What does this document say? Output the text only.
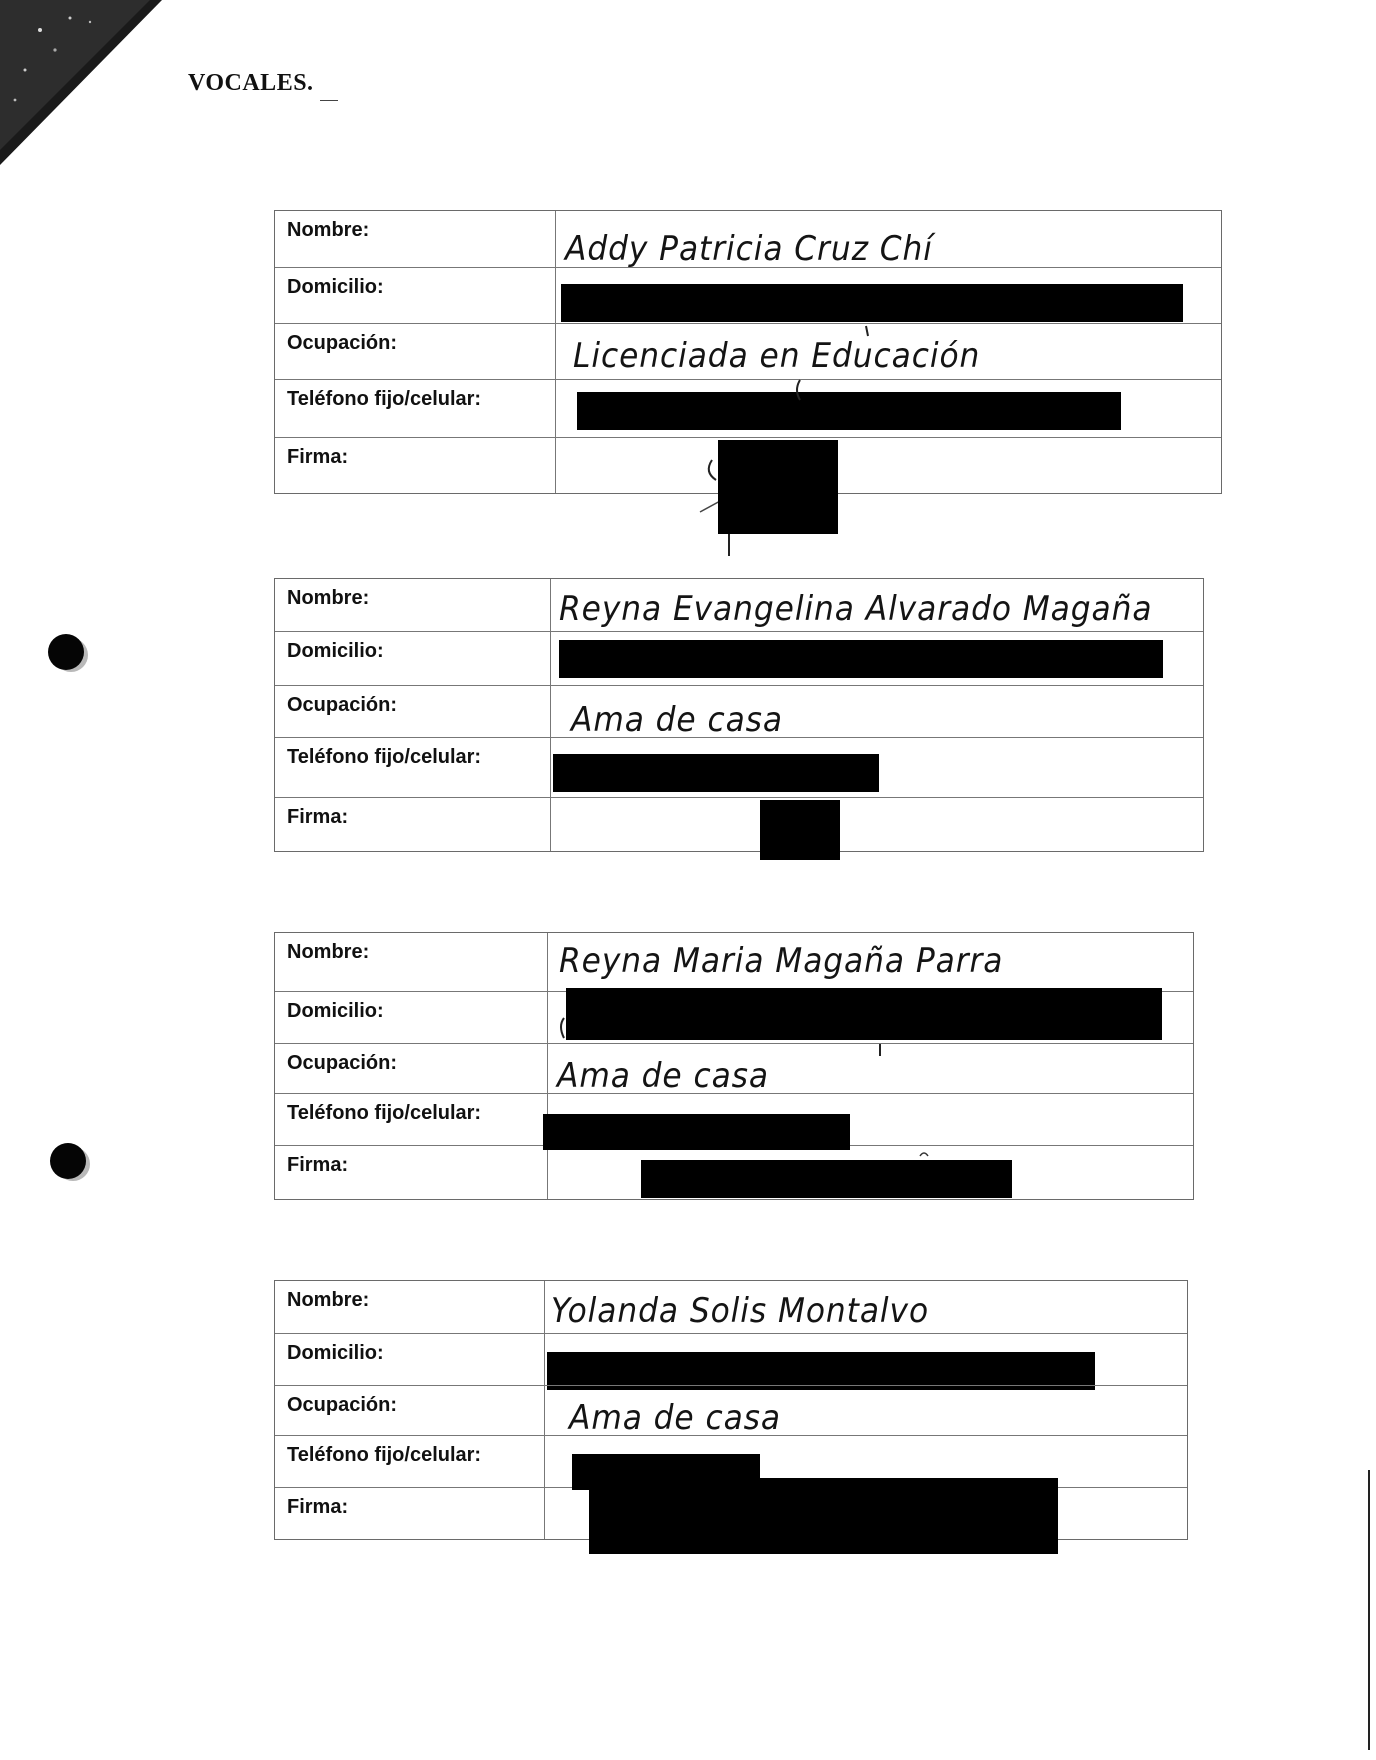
VOCALES.
Nombre:	Addy Patricia Cruz Chí
Domicilio:
Ocupación:	Licenciada en Educación
Teléfono fijo/celular:
Firma:
Nombre:	Reyna Evangelina Alvarado Magaña
Domicilio:
Ocupación:	Ama de casa
Teléfono fijo/celular:
Firma:
Nombre:	Reyna Maria Magaña Parra
Domicilio:
Ocupación:	Ama de casa
Teléfono fijo/celular:
Firma:
Nombre:	Yolanda Solis Montalvo
Domicilio:
Ocupación:	Ama de casa
Teléfono fijo/celular:
Firma:
